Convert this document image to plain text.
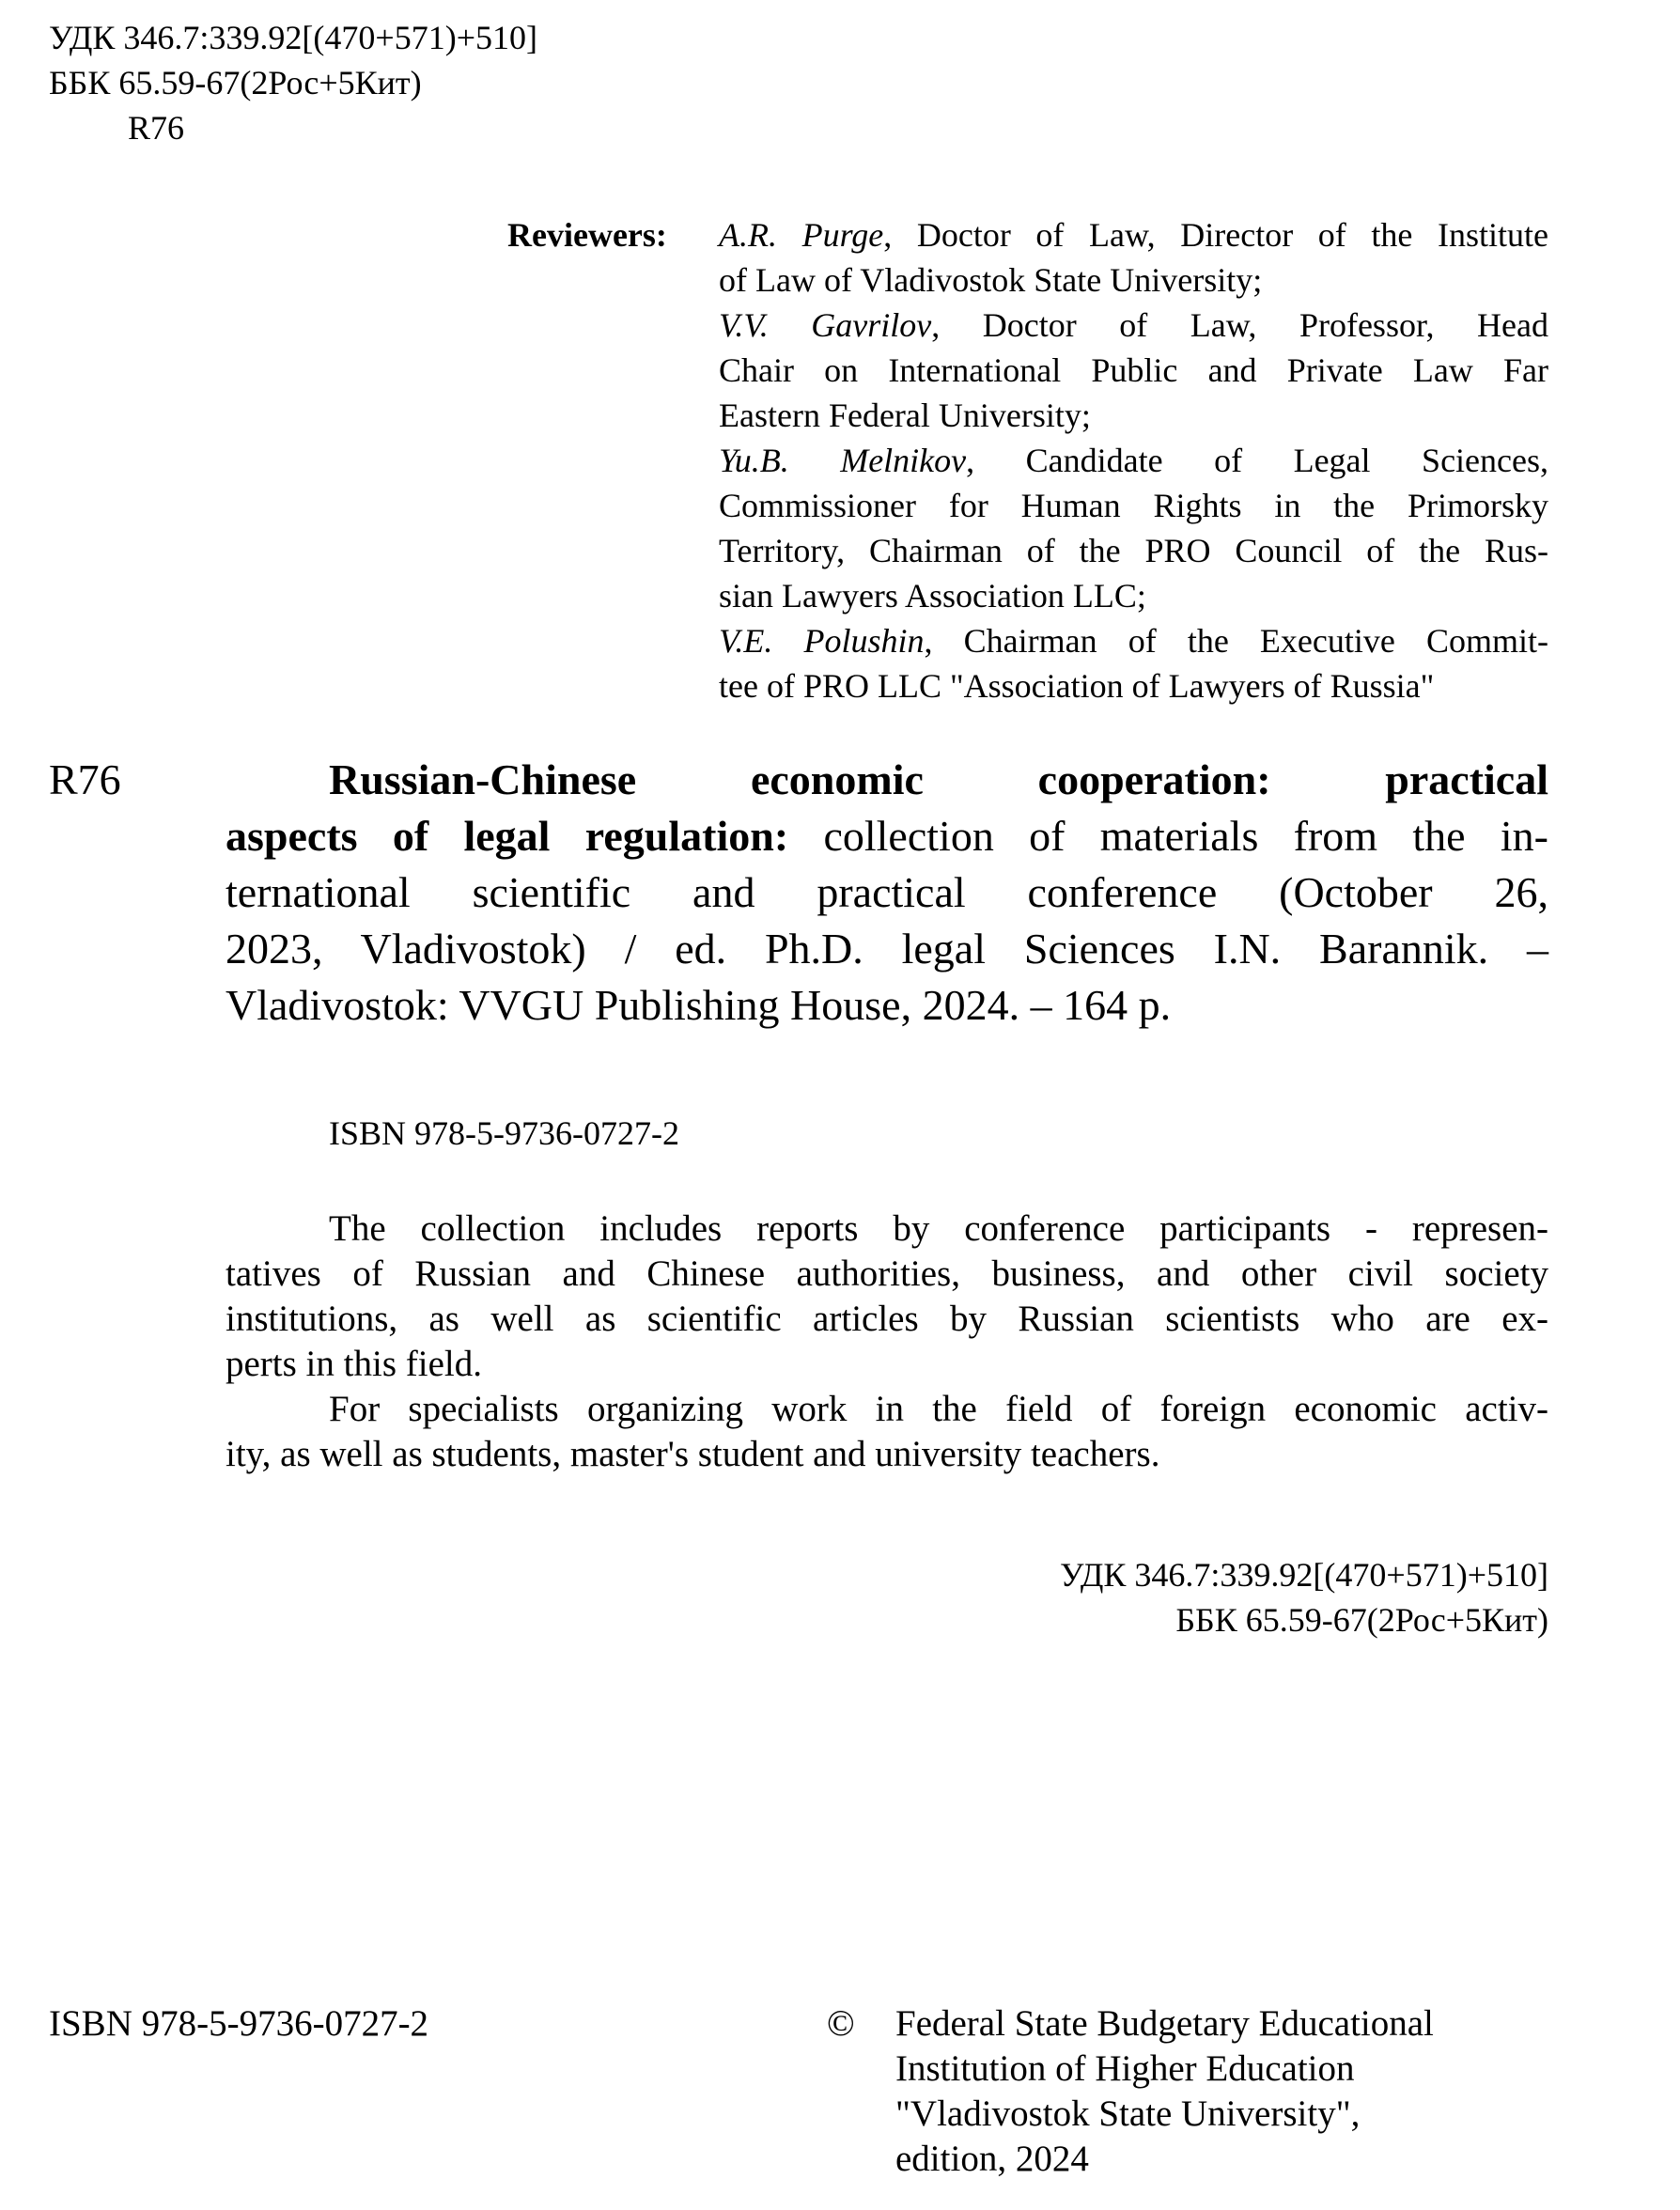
УДК 346.7:339.92[(470+571)+510]
ББК 65.59-67(2Рос+5Кит)
R76
Reviewers: A.R. Purge, Doctor of Law, Director of the Institute
of Law of Vladivostok State University;
V.V. Gavrilov, Doctor of Law, Professor, Head
Chair on International Public and Private Law Far
Eastern Federal University;
Yu.B. Melnikov, Candidate of Legal Sciences,
Commissioner for Human Rights in the Primorsky
Territory, Chairman of the PRO Council of the Rus-
sian Lawyers Association LLC;
V.E. Polushin, Chairman of the Executive Commit-
tee of PRO LLC "Association of Lawyers of Russia"
R76	Russian-Chinese economic cooperation: practical
aspects of legal regulation: collection of materials from the in-
ternational scientific and practical conference (October 26,
2023, Vladivostok) / ed. Ph.D. legal Sciences I.N. Barannik. –
Vladivostok: VVGU Publishing House, 2024. – 164 p.
ISBN 978-5-9736-0727-2
The collection includes reports by conference participants - represen-
tatives of Russian and Chinese authorities, business, and other civil society
institutions, as well as scientific articles by Russian scientists who are ex-
perts in this field.
For specialists organizing work in the field of foreign economic activ-
ity, as well as students, master's student and university teachers.
УДК 346.7:339.92[(470+571)+510]
ББК 65.59-67(2Рос+5Кит)
ISBN 978-5-9736-0727-2	© Federal State Budgetary Educational
Institution of Higher Education
"Vladivostok State University",
edition, 2024
